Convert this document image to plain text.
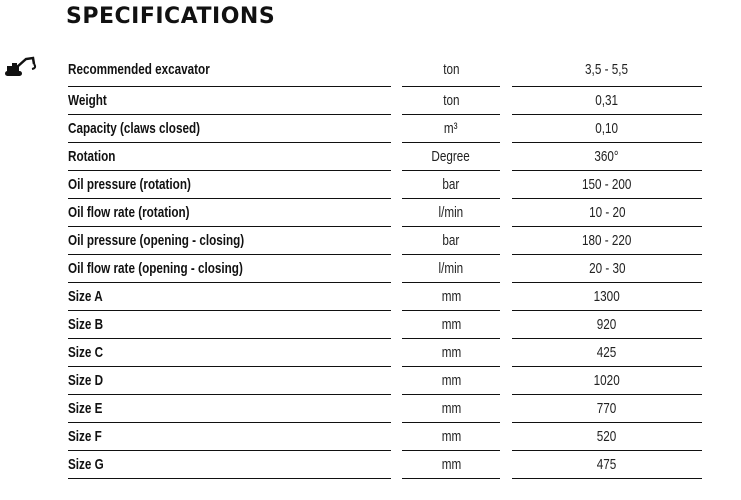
SPECIFICATIONS
Recommended excavator	ton	3,5 - 5,5
Weight	ton	0,31
Capacity (claws closed)	m³	0,10
Rotation	Degree	360°
Oil pressure (rotation)	bar	150 - 200
Oil flow rate (rotation)	l/min	10 - 20
Oil pressure (opening - closing)	bar	180 - 220
Oil flow rate (opening - closing)	l/min	20 - 30
Size A	mm	1300
Size B	mm	920
Size C	mm	425
Size D	mm	1020
Size E	mm	770
Size F	mm	520
Size G	mm	475
